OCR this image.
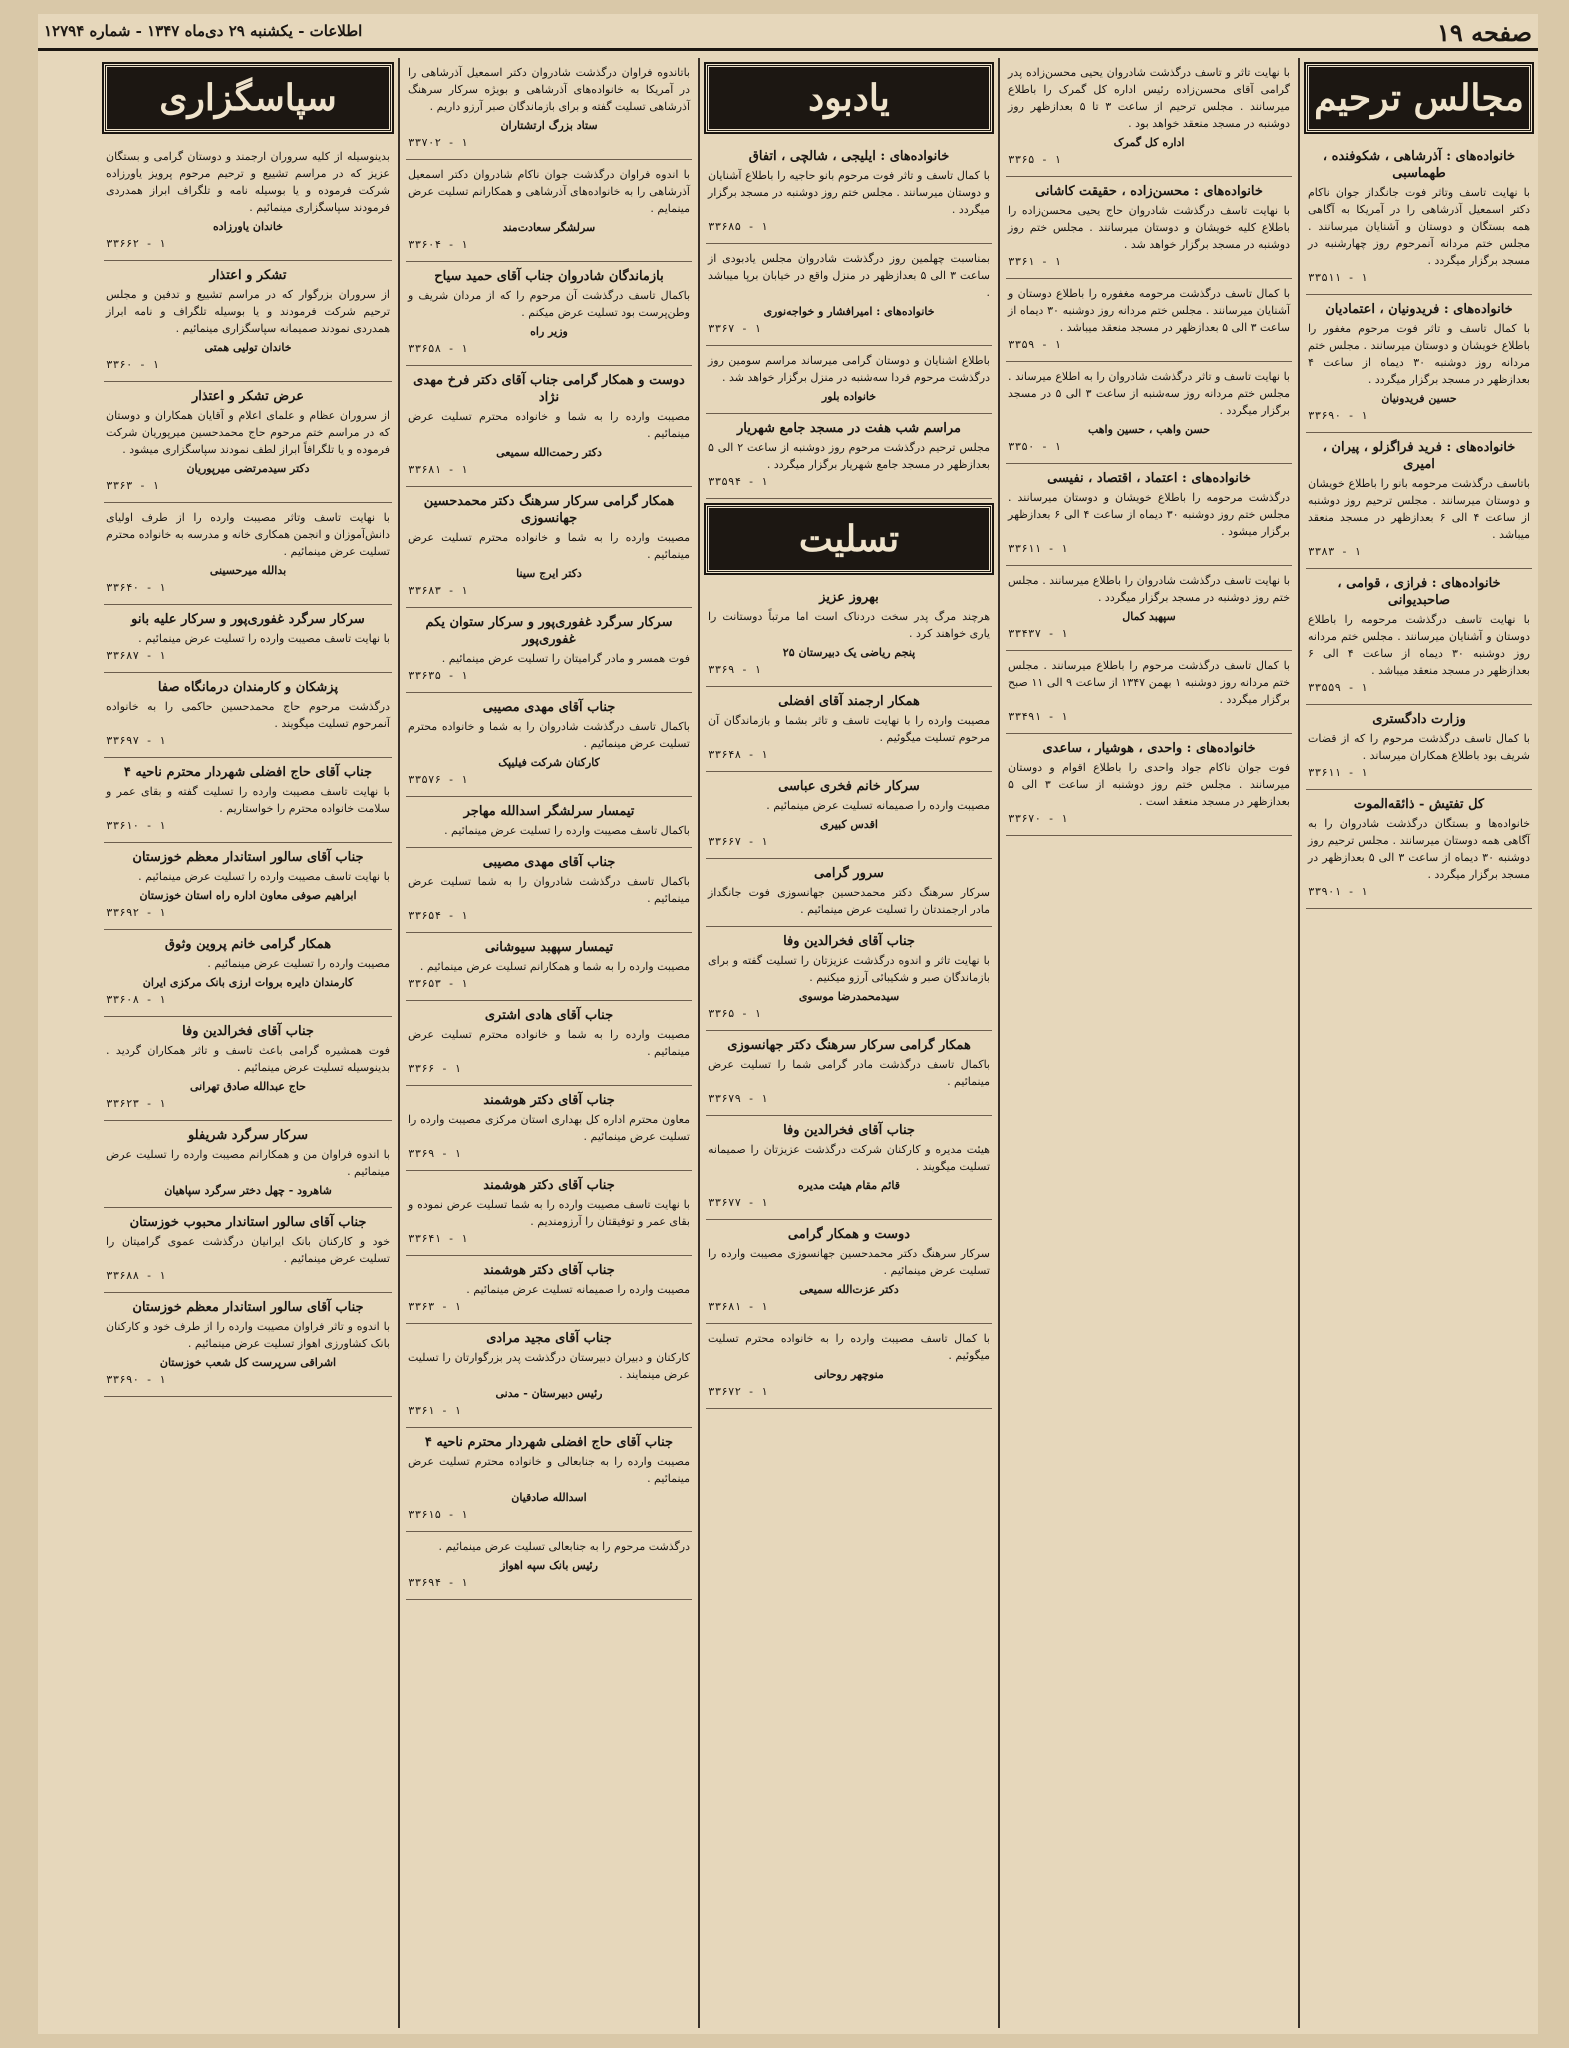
صفحه ۱۹
اطلاعات - یکشنبه ۲۹ دی‌ماه ۱۳۴۷ - شماره ۱۲۷۹۴
مجالس ترحیم
خانواده‌های : آذرشاهی ، شکوفنده ، طهماسبی
با نهایت تاسف وتاثر فوت جانگداز جوان ناکام دکتر اسمعیل آذرشاهی را در آمریکا به آگاهی همه بستگان و دوستان و آشنایان میرسانند . مجلس ختم مردانه آنمرحوم روز چهارشنبه در مسجد برگزار میگردد .
۳۳۵۱۱ - ۱
خانواده‌های : فریدونیان ، اعتمادیان
با کمال تاسف و تاثر فوت مرحوم مغفور را باطلاع خویشان و دوستان میرسانند . مجلس ختم مردانه روز دوشنبه ۳۰ دیماه از ساعت ۴ بعدازظهر در مسجد برگزار میگردد .
حسین فریدونیان
۳۳۶۹۰ - ۱
خانواده‌های : فرید فراگزلو ، پیران ، امیری
باتاسف درگذشت مرحومه بانو را باطلاع خویشان و دوستان میرسانند . مجلس ترحیم روز دوشنبه از ساعت ۴ الی ۶ بعدازظهر در مسجد منعقد میباشد .
۳۳۸۳ - ۱
خانواده‌های : فرازی ، قوامی ، صاحبدیوانی
با نهایت تاسف درگذشت مرحومه را باطلاع دوستان و آشنایان میرسانند . مجلس ختم مردانه روز دوشنبه ۳۰ دیماه از ساعت ۴ الی ۶ بعدازظهر در مسجد منعقد میباشد .
۳۳۵۵۹ - ۱
وزارت دادگستری
با کمال تاسف درگذشت مرحوم را که از قضات شریف بود باطلاع همکاران میرساند .
۳۳۶۱۱ - ۱
کل تفتیش - ذائقه‌الموت
خانواده‌ها و بستگان درگذشت شادروان را به آگاهی همه دوستان میرسانند . مجلس ترحیم روز دوشنبه ۳۰ دیماه از ساعت ۳ الی ۵ بعدازظهر در مسجد برگزار میگردد .
۳۳۹۰۱ - ۱
با نهایت تاثر و تاسف درگذشت شادروان یحیی محسن‌زاده پدر گرامی آقای محسن‌زاده رئیس اداره کل گمرک را باطلاع میرسانند . مجلس ترحیم از ساعت ۳ تا ۵ بعدازظهر روز دوشنبه در مسجد منعقد خواهد بود .
اداره کل گمرک
۳۳۶۵ - ۱
خانواده‌های : محسن‌زاده ، حقیقت کاشانی
با نهایت تاسف درگذشت شادروان حاج یحیی محسن‌زاده را باطلاع کلیه خویشان و دوستان میرسانند . مجلس ختم روز دوشنبه در مسجد برگزار خواهد شد .
۳۳۶۱ - ۱
با کمال تاسف درگذشت مرحومه مغفوره را باطلاع دوستان و آشنایان میرسانند . مجلس ختم مردانه روز دوشنبه ۳۰ دیماه از ساعت ۳ الی ۵ بعدازظهر در مسجد منعقد میباشد .
۳۳۵۹ - ۱
با نهایت تاسف و تاثر درگذشت شادروان را به اطلاع میرساند . مجلس ختم مردانه روز سه‌شنبه از ساعت ۳ الی ۵ در مسجد برگزار میگردد .
حسن واهب ، حسین واهب
۳۳۵۰ - ۱
خانواده‌های : اعتماد ، اقتصاد ، نفیسی
درگذشت مرحومه را باطلاع خویشان و دوستان میرسانند . مجلس ختم روز دوشنبه ۳۰ دیماه از ساعت ۴ الی ۶ بعدازظهر برگزار میشود .
۳۳۶۱۱ - ۱
با نهایت تاسف درگذشت شادروان را باطلاع میرسانند . مجلس ختم روز دوشنبه در مسجد برگزار میگردد .
سپهبد کمال
۳۳۴۳۷ - ۱
با کمال تاسف درگذشت مرحوم را باطلاع میرسانند . مجلس ختم مردانه روز دوشنبه ۱ بهمن ۱۳۴۷ از ساعت ۹ الی ۱۱ صبح برگزار میگردد .
۳۳۴۹۱ - ۱
خانواده‌های : واحدی ، هوشیار ، ساعدی
فوت جوان ناکام جواد واحدی را باطلاع اقوام و دوستان میرسانند . مجلس ختم روز دوشنبه از ساعت ۳ الی ۵ بعدازظهر در مسجد منعقد است .
۳۳۶۷۰ - ۱
یادبود
خانواده‌های : ایلیجی ، شالچی ، اتفاق
با کمال تاسف و تاثر فوت مرحوم بانو حاجیه را باطلاع آشنایان و دوستان میرسانند . مجلس ختم روز دوشنبه در مسجد برگزار میگردد .
۳۳۶۸۵ - ۱
بمناسبت چهلمین روز درگذشت شادروان مجلس یادبودی از ساعت ۳ الی ۵ بعدازظهر در منزل واقع در خیابان برپا میباشد .
خانواده‌های : امیرافشار و خواجه‌نوری
۳۳۶۷ - ۱
باطلاع اشنایان و دوستان گرامی میرساند مراسم سومین روز درگذشت مرحوم فردا سه‌شنبه در منزل برگزار خواهد شد .
خانواده بلور
مراسم شب هفت در مسجد جامع شهریار
مجلس ترحیم درگذشت مرحوم روز دوشنبه از ساعت ۲ الی ۵ بعدازظهر در مسجد جامع شهریار برگزار میگردد .
۳۳۵۹۴ - ۱
تسلیت
بهروز عزیز
هرچند مرگ پدر سخت دردناک است اما مرتباً دوستانت را یاری خواهند کرد .
پنجم ریاضی یک دبیرستان ۲۵
۳۳۶۹ - ۱
همکار ارجمند آقای افضلی
مصیبت وارده را با نهایت تاسف و تاثر بشما و بازماندگان آن مرحوم تسلیت میگوئیم .
۳۳۶۴۸ - ۱
سرکار خانم فخری عباسی
مصیبت وارده را صمیمانه تسلیت عرض مینمائیم .
اقدس کبیری
۳۳۶۶۷ - ۱
سرور گرامی
سرکار سرهنگ دکتر محمدحسین جهانسوزی فوت جانگداز مادر ارجمندتان را تسلیت عرض مینمائیم .
جناب آقای فخرالدین وفا
با نهایت تاثر و اندوه درگذشت عزیزتان را تسلیت گفته و برای بازماندگان صبر و شکیبائی آرزو میکنیم .
سیدمحمدرضا موسوی
۳۳۶۵ - ۱
همکار گرامی سرکار سرهنگ دکتر جهانسوزی
باکمال تاسف درگذشت مادر گرامی شما را تسلیت عرض مینمائیم .
۳۳۶۷۹ - ۱
جناب آقای فخرالدین وفا
هیئت مدیره و کارکنان شرکت درگذشت عزیزتان را صمیمانه تسلیت میگویند .
قائم مقام هیئت مدیره
۳۳۶۷۷ - ۱
دوست و همکار گرامی
سرکار سرهنگ دکتر محمدحسین جهانسوزی مصیبت وارده را تسلیت عرض مینمائیم .
دکتر عزت‌الله سمیعی
۳۳۶۸۱ - ۱
با کمال تاسف مصیبت وارده را به خانواده محترم تسلیت میگوئیم .
منوچهر روحانی
۳۳۶۷۲ - ۱
باتاندوه فراوان درگذشت شادروان دکتر اسمعیل آذرشاهی را در آمریکا به خانواده‌های آذرشاهی و بویژه سرکار سرهنگ آذرشاهی تسلیت گفته و برای بازماندگان صبر آرزو داریم .
ستاد بزرگ ارتشتاران
۳۳۷۰۲ - ۱
با اندوه فراوان درگذشت جوان ناکام شادروان دکتر اسمعیل آذرشاهی را به خانواده‌های آذرشاهی و همکارانم تسلیت عرض مینمایم .
سرلشگر سعادت‌مند
۳۳۶۰۴ - ۱
بازماندگان شادروان جناب آقای حمید سیاح
باکمال تاسف درگذشت آن مرحوم را که از مردان شریف و وطن‌پرست بود تسلیت عرض میکنم .
وزیر راه
۳۳۶۵۸ - ۱
دوست و همکار گرامی جناب آقای دکتر فرخ مهدی نژاد
مصیبت وارده را به شما و خانواده محترم تسلیت عرض مینمائیم .
دکتر رحمت‌الله سمیعی
۳۳۶۸۱ - ۱
همکار گرامی سرکار سرهنگ دکتر محمدحسین جهانسوزی
مصیبت وارده را به شما و خانواده محترم تسلیت عرض مینمائیم .
دکتر ایرج سینا
۳۳۶۸۳ - ۱
سرکار سرگرد غفوری‌پور و سرکار ستوان یکم غفوری‌پور
فوت همسر و مادر گرامیتان را تسلیت عرض مینمائیم .
۳۳۶۳۵ - ۱
جناب آقای مهدی مصیبی
باکمال تاسف درگذشت شادروان را به شما و خانواده محترم تسلیت عرض مینمائیم .
کارکنان شرکت فیلیپک
۳۳۵۷۶ - ۱
تیمسار سرلشگر اسدالله مهاجر
باکمال تاسف مصیبت وارده را تسلیت عرض مینمائیم .
جناب آقای مهدی مصیبی
باکمال تاسف درگذشت شادروان را به شما تسلیت عرض مینمائیم .
۳۳۶۵۴ - ۱
تیمسار سپهبد سیوشانی
مصیبت وارده را به شما و همکارانم تسلیت عرض مینمائیم .
۳۳۶۵۳ - ۱
جناب آقای هادی اشتری
مصیبت وارده را به شما و خانواده محترم تسلیت عرض مینمائیم .
۳۳۶۶ - ۱
جناب آقای دکتر هوشمند
معاون محترم اداره کل بهداری استان مرکزی مصیبت وارده را تسلیت عرض مینمائیم .
۳۳۶۹ - ۱
جناب آقای دکتر هوشمند
با نهایت تاسف مصیبت وارده را به شما تسلیت عرض نموده و بقای عمر و توفیقتان را آرزومندیم .
۳۳۶۴۱ - ۱
جناب آقای دکتر هوشمند
مصیبت وارده را صمیمانه تسلیت عرض مینمائیم .
۳۳۶۳ - ۱
جناب آقای مجید مرادی
کارکنان و دبیران دبیرستان درگذشت پدر بزرگوارتان را تسلیت عرض مینمایند .
رئیس دبیرستان - مدنی
۳۳۶۱ - ۱
جناب آقای حاج افضلی شهردار محترم ناحیه ۴
مصیبت وارده را به جنابعالی و خانواده محترم تسلیت عرض مینمائیم .
اسدالله صادقیان
۳۳۶۱۵ - ۱
درگذشت مرحوم را به جنابعالی تسلیت عرض مینمائیم .
رئیس بانک سپه اهواز
۳۳۶۹۴ - ۱
سپاسگزاری
بدینوسیله از کلیه سروران ارجمند و دوستان گرامی و بستگان عزیز که در مراسم تشییع و ترحیم مرحوم پرویز یاورزاده شرکت فرموده و یا بوسیله نامه و تلگراف ابراز همدردی فرمودند سپاسگزاری مینمائیم .
خاندان یاورزاده
۳۳۶۶۲ - ۱
تشکر و اعتذار
از سروران بزرگوار که در مراسم تشییع و تدفین و مجلس ترحیم شرکت فرمودند و یا بوسیله تلگراف و نامه ابراز همدردی نمودند صمیمانه سپاسگزاری مینمائیم .
خاندان تولیی همتی
۳۳۶۰ - ۱
عرض تشکر و اعتذار
از سروران عظام و علمای اعلام و آقایان همکاران و دوستان که در مراسم ختم مرحوم حاج محمدحسین میرپوریان شرکت فرموده و یا تلگرافاً ابراز لطف نمودند سپاسگزاری میشود .
دکتر سیدمرتضی میرپوریان
۳۳۶۳ - ۱
با نهایت تاسف وتاثر مصیبت وارده را از طرف اولیای دانش‌آموزان و انجمن همکاری خانه و مدرسه به خانواده محترم تسلیت عرض مینمائیم .
بدالله میرحسینی
۳۳۶۴۰ - ۱
سرکار سرگرد غفوری‌پور و سرکار علیه بانو
با نهایت تاسف مصیبت وارده را تسلیت عرض مینمائیم .
۳۳۶۸۷ - ۱
پزشکان و کارمندان درمانگاه صفا
درگذشت مرحوم حاج محمدحسین حاکمی را به خانواده آنمرحوم تسلیت میگویند .
۳۳۶۹۷ - ۱
جناب آقای حاج افضلی شهردار محترم ناحیه ۴
با نهایت تاسف مصیبت وارده را تسلیت گفته و بقای عمر و سلامت خانواده محترم را خواستاریم .
۳۳۶۱۰ - ۱
جناب آقای سالور استاندار معظم خوزستان
با نهایت تاسف مصیبت وارده را تسلیت عرض مینمائیم .
ابراهیم صوفی معاون اداره راه استان خوزستان
۳۳۶۹۲ - ۱
همکار گرامی خانم پروین وثوق
مصیبت وارده را تسلیت عرض مینمائیم .
کارمندان دایره بروات ارزی بانک مرکزی ایران
۳۳۶۰۸ - ۱
جناب آقای فخرالدین وفا
فوت همشیره گرامی باعث تاسف و تاثر همکاران گردید . بدینوسیله تسلیت عرض مینمائیم .
حاج عبدالله صادق تهرانی
۳۳۶۲۳ - ۱
سرکار سرگرد شریفلو
با اندوه فراوان من و همکارانم مصیبت وارده را تسلیت عرض مینمائیم .
شاهرود - چهل دختر سرگرد سپاهیان
جناب آقای سالور استاندار محبوب خوزستان
خود و کارکنان بانک ایرانیان درگذشت عموی گرامیتان را تسلیت عرض مینمائیم .
۳۳۶۸۸ - ۱
جناب آقای سالور استاندار معظم خوزستان
با اندوه و تاثر فراوان مصیبت وارده را از طرف خود و کارکنان بانک کشاورزی اهواز تسلیت عرض مینمائیم .
اشراقی سرپرست کل شعب خوزستان
۳۳۶۹۰ - ۱
